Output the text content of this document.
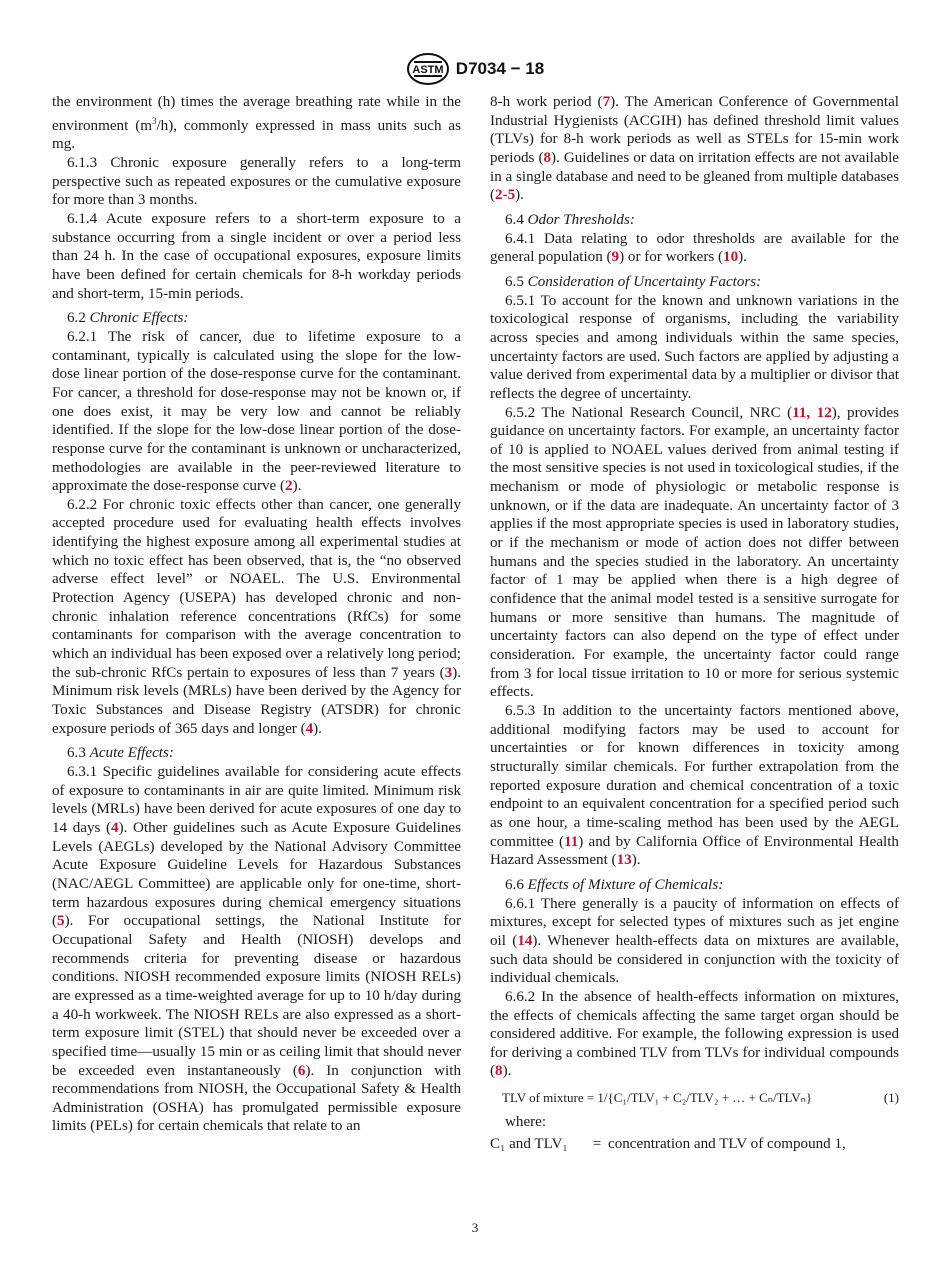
ASTM D7034 − 18

the environment (h) times the average breathing rate while in the environment $(m^3/h)$, commonly expressed in mass units such as mg.

6.1.3 Chronic exposure generally refers to a long-term perspective such as repeated exposures or the cumulative exposure for more than 3 months.

6.1.4 Acute exposure refers to a short-term exposure to a substance occurring from a single incident or over a period less than 24 h. In the case of occupational exposures, exposure limits have been defined for certain chemicals for 8-h workday periods and short-term, 15-min periods.

6.2 Chronic Effects:

6.2.1 The risk of cancer, due to lifetime exposure to a contaminant, typically is calculated using the slope for the low-dose linear portion of the dose-response curve for the contaminant. For cancer, a threshold for dose-response may not be known or, if one does exist, it may be very low and cannot be reliably identified. If the slope for the low-dose linear portion of the dose-response curve for the contaminant is unknown or uncharacterized, methodologies are available in the peer-reviewed literature to approximate the dose-response curve (2).

6.2.2 For chronic toxic effects other than cancer, one generally accepted procedure used for evaluating health effects involves identifying the highest exposure among all experimental studies at which no toxic effect has been observed, that is, the “no observed adverse effect level” or NOAEL. The U.S. Environmental Protection Agency (USEPA) has developed chronic and non-chronic inhalation reference concentrations (RfCs) for some contaminants for comparison with the average concentration to which an individual has been exposed over a relatively long period; the sub-chronic RfCs pertain to exposures of less than 7 years (3). Minimum risk levels (MRLs) have been derived by the Agency for Toxic Substances and Disease Registry (ATSDR) for chronic exposure periods of 365 days and longer (4).

6.3 Acute Effects:

6.3.1 Specific guidelines available for considering acute effects of exposure to contaminants in air are quite limited. Minimum risk levels (MRLs) have been derived for acute exposures of one day to 14 days (4). Other guidelines such as Acute Exposure Guidelines Levels (AEGLs) developed by the National Advisory Committee Acute Exposure Guideline Levels for Hazardous Substances (NAC/AEGL Committee) are applicable only for one-time, short-term hazardous exposures during chemical emergency situations (5). For occupational settings, the National Institute for Occupational Safety and Health (NIOSH) develops and recommends criteria for preventing disease or hazardous conditions. NIOSH recommended exposure limits (NIOSH RELs) are expressed as a time-weighted average for up to 10 h/day during a 40-h workweek. The NIOSH RELs are also expressed as a short-term exposure limit (STEL) that should never be exceeded over a specified time—usually 15 min or as ceiling limit that should never be exceeded even instantaneously (6). In conjunction with recommendations from NIOSH, the Occupational Safety & Health Administration (OSHA) has promulgated permissible exposure limits (PELs) for certain chemicals that relate to an

8-h work period (7). The American Conference of Governmental Industrial Hygienists (ACGIH) has defined threshold limit values (TLVs) for 8-h work periods as well as STELs for 15-min work periods (8). Guidelines or data on irritation effects are not available in a single database and need to be gleaned from multiple databases (2-5).

6.4 Odor Thresholds:

6.4.1 Data relating to odor thresholds are available for the general population (9) or for workers (10).

6.5 Consideration of Uncertainty Factors:

6.5.1 To account for the known and unknown variations in the toxicological response of organisms, including the variability across species and among individuals within the same species, uncertainty factors are used. Such factors are applied by adjusting a value derived from experimental data by a multiplier or divisor that reflects the degree of uncertainty.

6.5.2 The National Research Council, NRC (11, 12), provides guidance on uncertainty factors. For example, an uncertainty factor of 10 is applied to NOAEL values derived from animal testing if the most sensitive species is not used in toxicological studies, if the mechanism or mode of physiologic or metabolic response is unknown, or if the data are inadequate. An uncertainty factor of 3 applies if the most appropriate species is used in laboratory studies, or if the mechanism or mode of action does not differ between humans and the species studied in the laboratory. An uncertainty factor of 1 may be applied when there is a high degree of confidence that the animal model tested is a sensitive surrogate for humans or more sensitive than humans. The magnitude of uncertainty factors can also depend on the type of effect under consideration. For example, the uncertainty factor could range from 3 for local tissue irritation to 10 or more for serious systemic effects.

6.5.3 In addition to the uncertainty factors mentioned above, additional modifying factors may be used to account for uncertainties or for known differences in toxicity among structurally similar chemicals. For further extrapolation from the reported exposure duration and chemical concentration of a toxic endpoint to an equivalent concentration for a specified period such as one hour, a time-scaling method has been used by the AEGL committee (11) and by California Office of Environmental Health Hazard Assessment (13).

6.6 Effects of Mixture of Chemicals:

6.6.1 There generally is a paucity of information on effects of mixtures, except for selected types of mixtures such as jet engine oil (14). Whenever health-effects data on mixtures are available, such data should be considered in conjunction with the toxicity of individual chemicals.

6.6.2 In the absence of health-effects information on mixtures, the effects of chemicals affecting the same target organ should be considered additive. For example, the following expression is used for deriving a combined TLV from TLVs for individual compounds (8).

TLV of mixture = 1/{C₁/TLV₁ + C₂/TLV₂ + … + Cₙ/TLVₙ}	(1)

where:

C₁ and TLV₁	= concentration and TLV of compound 1,
3
